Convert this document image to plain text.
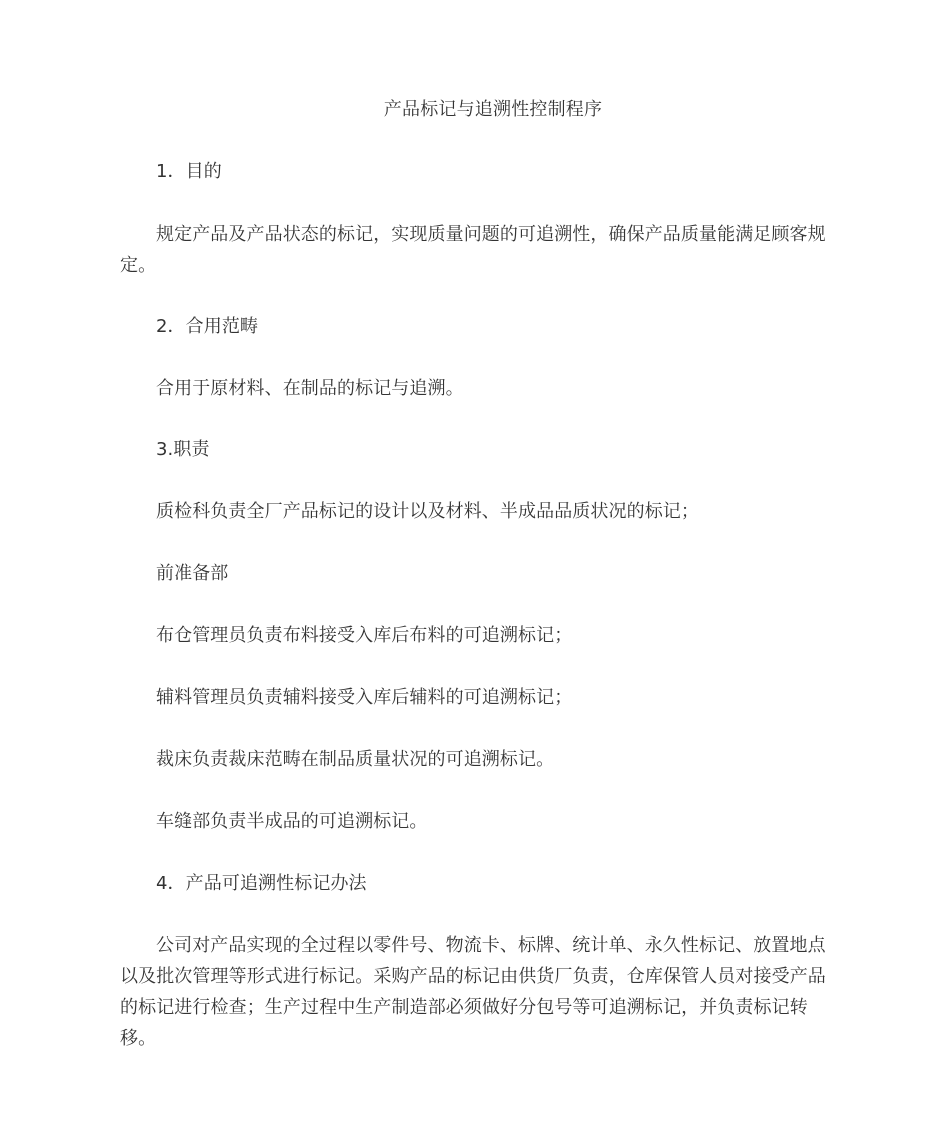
产品标记与追溯性控制程序

1．目的

规定产品及产品状态的标记，实现质量问题的可追溯性，确保产品质量能满足顾客规定。

2．合用范畴

合用于原材料、在制品的标记与追溯。

3.职责

质检科负责全厂产品标记的设计以及材料、半成品品质状况的标记；

前准备部

布仓管理员负责布料接受入库后布料的可追溯标记；

辅料管理员负责辅料接受入库后辅料的可追溯标记；

裁床负责裁床范畴在制品质量状况的可追溯标记。

车缝部负责半成品的可追溯标记。

4．产品可追溯性标记办法

公司对产品实现的全过程以零件号、物流卡、标牌、统计单、永久性标记、放置地点以及批次管理等形式进行标记。采购产品的标记由供货厂负责，仓库保管人员对接受产品的标记进行检查；生产过程中生产制造部必须做好分包号等可追溯标记，并负责标记转移。
